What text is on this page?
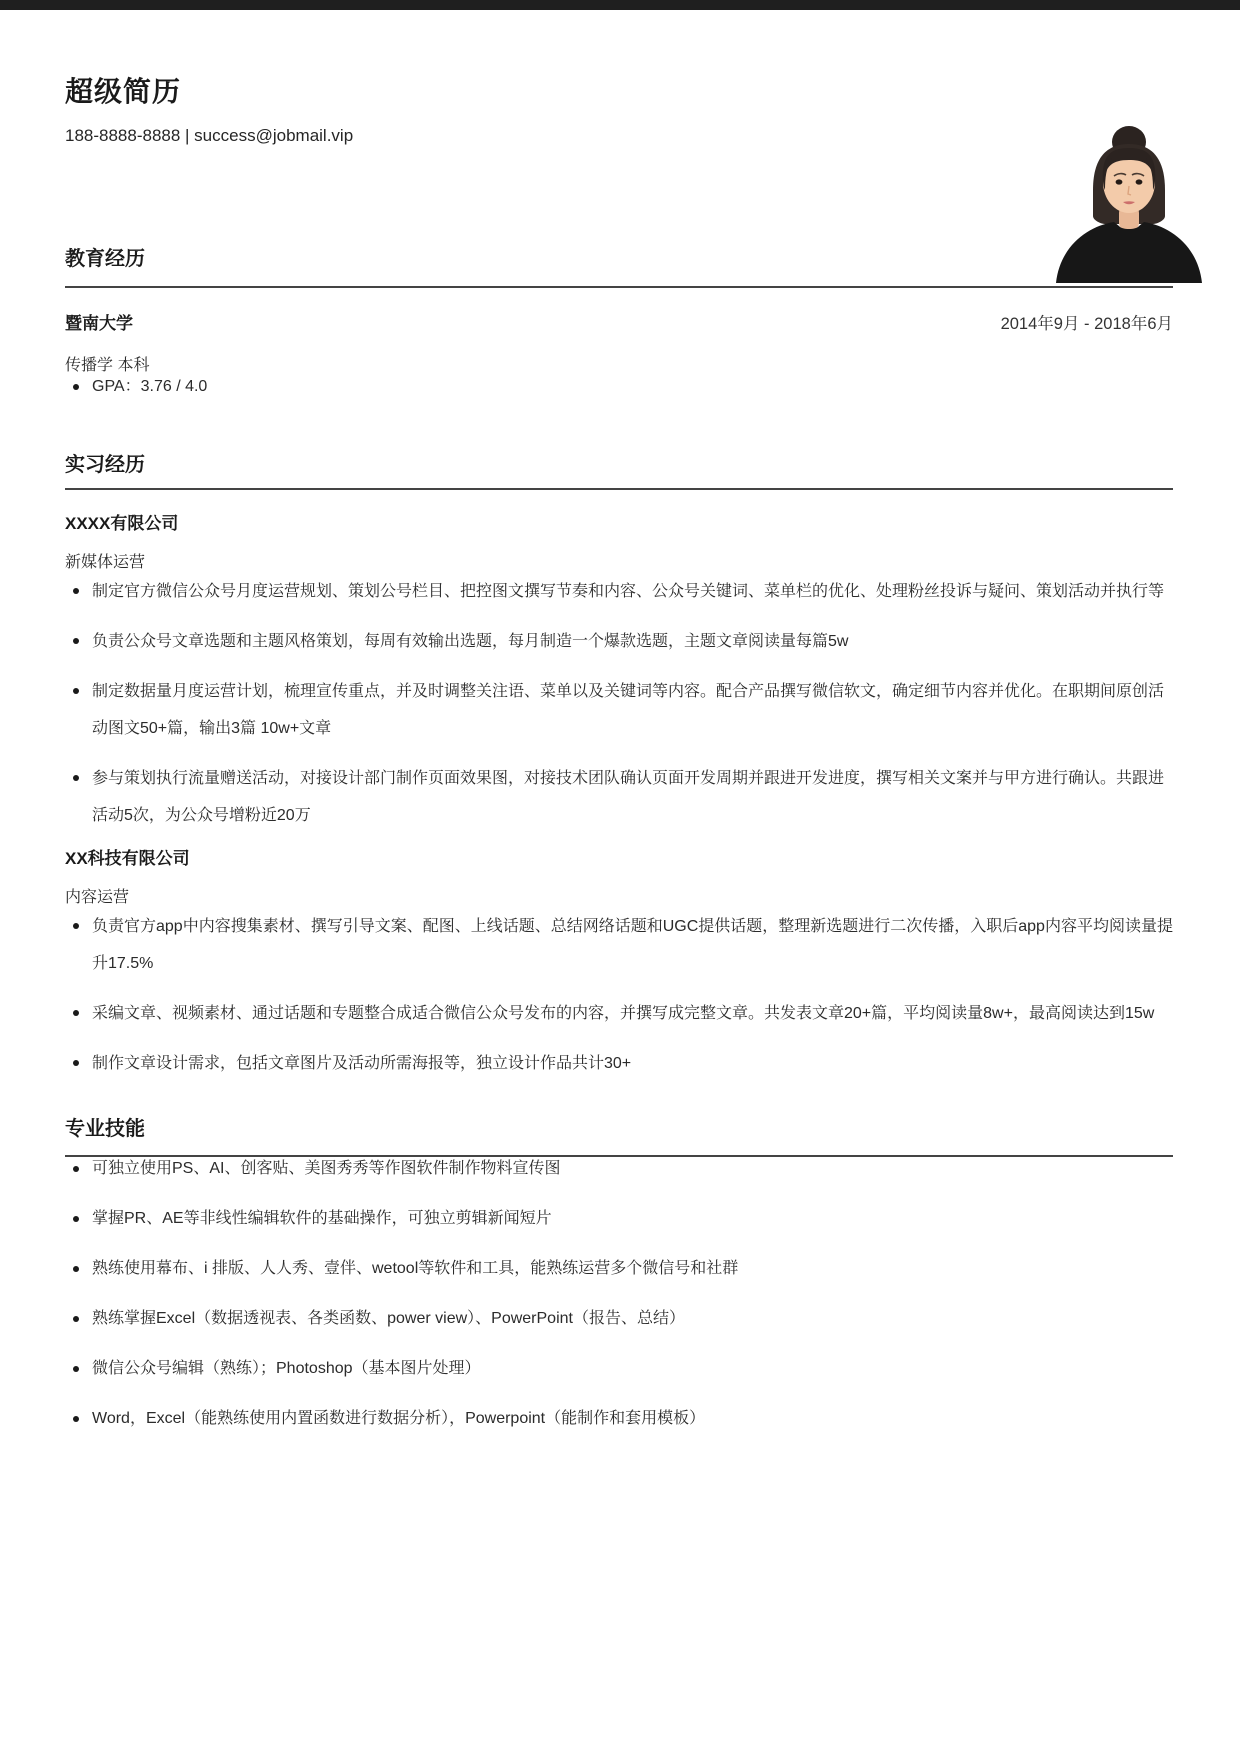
超级简历
188-8888-8888 | success@jobmail.vip
教育经历
暨南大学	2014年9月 - 2018年6月
传播学 本科
GPA：3.76 / 4.0
实习经历
XXXX有限公司
新媒体运营
制定官方微信公众号月度运营规划、策划公号栏目、把控图文撰写节奏和内容、公众号关键词、菜单栏的优化、处理粉丝投诉与疑问、策划活动并执行等
负责公众号文章选题和主题风格策划，每周有效输出选题，每月制造一个爆款选题，主题文章阅读量每篇5w
制定数据量月度运营计划，梳理宣传重点，并及时调整关注语、菜单以及关键词等内容。配合产品撰写微信软文，确定细节内容并优化。在职期间原创活动图文50+篇，输出3篇 10w+文章
参与策划执行流量赠送活动，对接设计部门制作页面效果图，对接技术团队确认页面开发周期并跟进开发进度，撰写相关文案并与甲方进行确认。共跟进活动5次，为公众号增粉近20万
XX科技有限公司
内容运营
负责官方app中内容搜集素材、撰写引导文案、配图、上线话题、总结网络话题和UGC提供话题，整理新选题进行二次传播，入职后app内容平均阅读量提升17.5%
采编文章、视频素材、通过话题和专题整合成适合微信公众号发布的内容，并撰写成完整文章。共发表文章20+篇，平均阅读量8w+，最高阅读达到15w
制作文章设计需求，包括文章图片及活动所需海报等，独立设计作品共计30+
专业技能
可独立使用PS、AI、创客贴、美图秀秀等作图软件制作物料宣传图
掌握PR、AE等非线性编辑软件的基础操作，可独立剪辑新闻短片
熟练使用幕布、i 排版、人人秀、壹伴、wetool等软件和工具，能熟练运营多个微信号和社群
熟练掌握Excel（数据透视表、各类函数、power view）、PowerPoint（报告、总结）
微信公众号编辑（熟练）；Photoshop（基本图片处理）
Word，Excel（能熟练使用内置函数进行数据分析），Powerpoint（能制作和套用模板）
